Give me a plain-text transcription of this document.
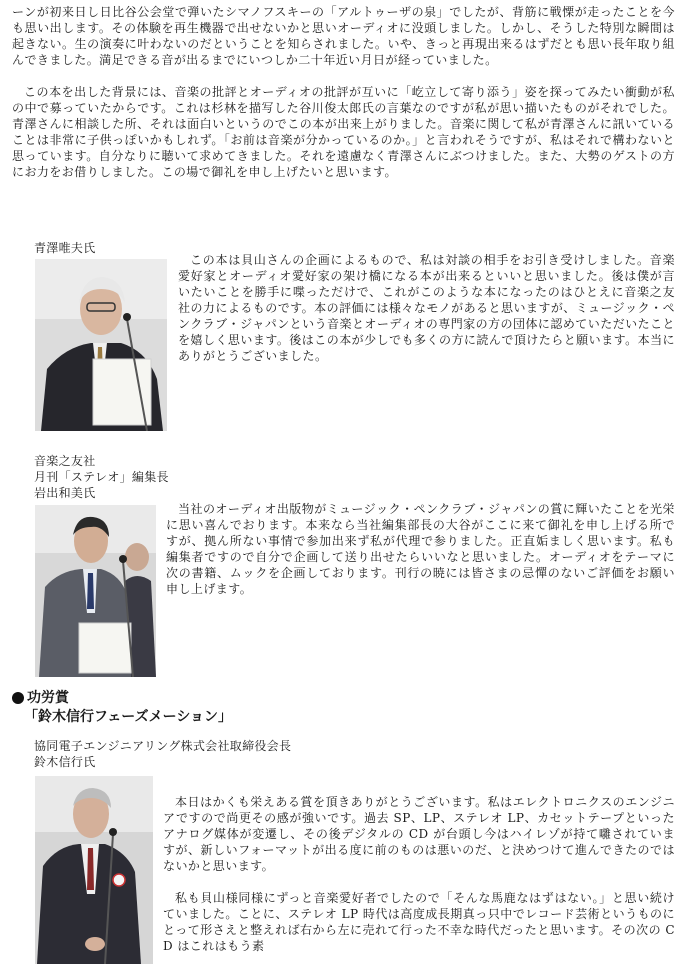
ーンが初来日し日比谷公会堂で弾いたシマノフスキーの「アルトゥーザの泉」でしたが、背筋に戦慄が走ったことを今も思い出します。その体験を再生機器で出せないかと思いオーディオに没頭しました。しかし、そうした特別な瞬間は起きない。生の演奏に叶わないのだということを知らされました。いや、きっと再現出来るはずだとも思い長年取り組んできました。満足できる音が出るまでにいつしか二十年近い月日が経っていました。

この本を出した背景には、音楽の批評とオーディオの批評が互いに「屹立して寄り添う」姿を探ってみたい衝動が私の中で募っていたからです。これは杉林を描写した谷川俊太郎氏の言葉なのですが私が思い描いたものがそれでした。青澤さんに相談した所、それは面白いというのでこの本が出来上がりました。音楽に関して私が青澤さんに訊いていることは非常に子供っぽいかもしれず。「お前は音楽が分かっているのか。」と言われそうですが、私はそれで構わないと思っています。自分なりに聴いて求めてきました。それを遠慮なく青澤さんにぶつけました。また、大勢のゲストの方にお力をお借りしました。この場で御礼を申し上げたいと思います。

青澤唯夫氏

この本は貝山さんの企画によるもので、私は対談の相手をお引き受けしました。音楽愛好家とオーディオ愛好家の架け橋になる本が出来るといいと思いました。後は僕が言いたいことを勝手に喋っただけで、これがこのような本になったのはひとえに音楽之友社の力によるものです。本の評価には様々なモノがあると思いますが、ミュージック・ペンクラブ・ジャパンという音楽とオーディオの専門家の方の団体に認めていただいたことを嬉しく思います。後はこの本が少しでも多くの方に読んで頂けたらと願います。本当にありがとうございました。

音楽之友社
月刊「ステレオ」編集長
岩出和美氏

当社のオーディオ出版物がミュージック・ペンクラブ・ジャパンの賞に輝いたことを光栄に思い喜んでおります。本来なら当社編集部長の大谷がここに来て御礼を申し上げる所ですが、拠ん所ない事情で参加出来ず私が代理で参りました。正直姤ましく思います。私も編集者ですので自分で企画して送り出せたらいいなと思いました。オーディオをテーマに次の書籍、ムックを企画しております。刊行の暁には皆さまの忌憚のないご評価をお願い申し上げます。

功労賞

「鈴木信行フェーズメーション」

協同電子エンジニアリング株式会社取締役会長
鈴木信行氏

本日はかくも栄えある賞を頂きありがとうございます。私はエレクトロニクスのエンジニアですので尚更その感が強いです。過去 SP、LP、ステレオ LP、カセットテープといったアナログ媒体が変遷し、その後デジタルの CD が台頭し今はハイレゾが持て囃されていますが、新しいフォーマットが出る度に前のものは悪いのだ、と決めつけて進んできたのではないかと思います。

私も貝山様同様にずっと音楽愛好者でしたので「そんな馬鹿なはずはない。」と思い続けていました。ことに、ステレオ LP 時代は高度成長期真っ只中でレコード芸術というものにとって形さえと整えれば右から左に売れて行った不幸な時代だったと思います。その次の CD はこれはもう素
